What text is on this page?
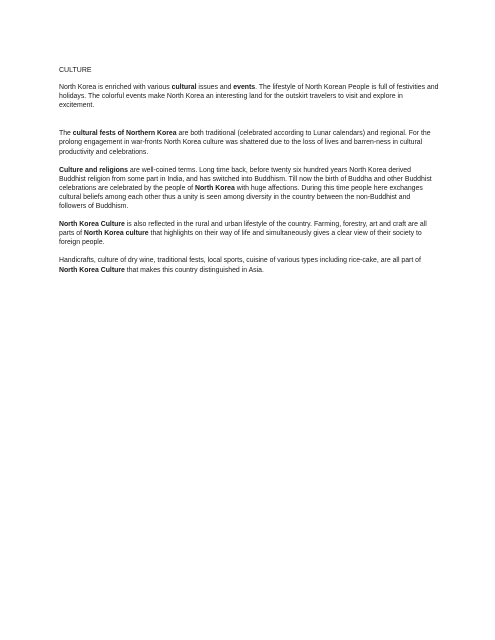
CULTURE

North Korea is enriched with various cultural issues and events. The lifestyle of North Korean People is full of festivities and holidays. The colorful events make North Korea an interesting land for the outskirt travelers to visit and explore in excitement.

The cultural fests of Northern Korea are both traditional (celebrated according to Lunar calendars) and regional. For the prolong engagement in war-fronts North Korea culture was shattered due to the loss of lives and barren-ness in cultural productivity and celebrations.

Culture and religions are well-coined terms. Long time back, before twenty six hundred years North Korea derived Buddhist religion from some part in India, and has switched into Buddhism. Till now the birth of Buddha and other Buddhist celebrations are celebrated by the people of North Korea with huge affections. During this time people here exchanges cultural beliefs among each other thus a unity is seen among diversity in the country between the non-Buddhist and followers of Buddhism.

North Korea Culture is also reflected in the rural and urban lifestyle of the country. Farming, forestry, art and craft are all parts of North Korea culture that highlights on their way of life and simultaneously gives a clear view of their society to foreign people.

Handicrafts, culture of dry wine, traditional fests, local sports, cuisine of various types including rice-cake, are all part of North Korea Culture that makes this country distinguished in Asia.
